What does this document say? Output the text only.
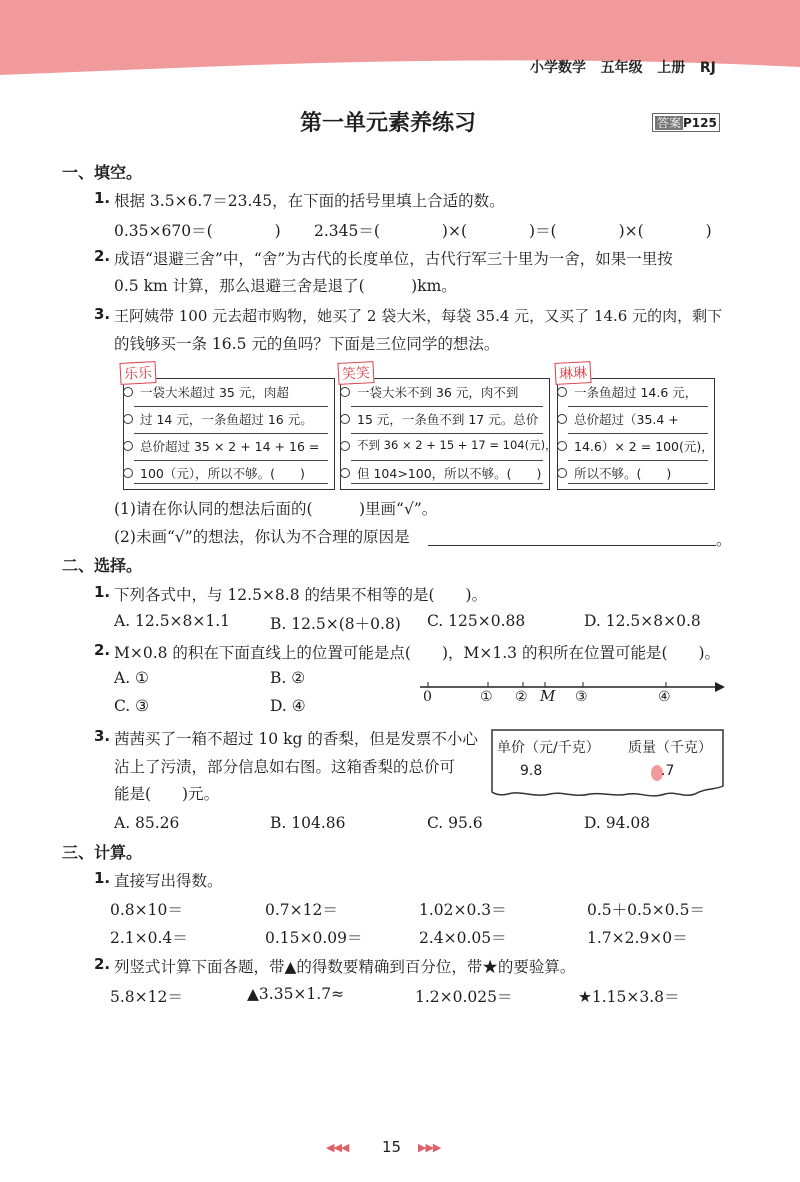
小学数学 五年级 上册 RJ
第一单元素养练习	答案 P125
一、填空。
1. 根据 3.5×6.7＝23.45，在下面的括号里填上合适的数。
0.35×670＝(　　　　) 2.345＝(　　　　)×(　　　　)＝(　　　　)×(　　　　)
2. 成语“退避三舍”中，“舍”为古代的长度单位，古代行军三十里为一舍，如果一里按
0.5 km 计算，那么退避三舍是退了(　　　)km。
3. 王阿姨带 100 元去超市购物，她买了 2 袋大米，每袋 35.4 元，又买了 14.6 元的肉，剩下
的钱够买一条 16.5 元的鱼吗？下面是三位同学的想法。
一袋大米超过 35 元，肉超
过 14 元，一条鱼超过 16 元。
总价超过 35 × 2 + 14 + 16 =
100（元），所以不够。(　　)
乐乐
一袋大米不到 36 元，肉不到
15 元，一条鱼不到 17 元。总价
不到 36 × 2 + 15 + 17 = 104(元)，
但 104>100，所以不够。(　　)
笑笑
一条鱼超过 14.6 元，
总价超过（35.4 +
14.6）× 2 = 100(元)，
所以不够。(　　)
琳琳
(1)请在你认同的想法后面的(　　　)里画“√”。
(2)未画“√”的想法，你认为不合理的原因是	。
二、选择。
1. 下列各式中，与 12.5×8.8 的结果不相等的是(　　)。
A. 12.5×8×1.1	B. 12.5×(8＋0.8) C. 125×0.88	D. 12.5×8×0.8
2. M×0.8 的积在下面直线上的位置可能是点(　　)，M×1.3 的积所在位置可能是(　　)。
A. ①	B. ②
C. ③	D. ④	0	① ② M ③	④
3. 茜茜买了一箱不超过 10 kg 的香梨，但是发票不小心
沾上了污渍，部分信息如右图。这箱香梨的总价可
能是(　　)元。
单价（元/千克） 质量（千克）
9.8	.7
A. 85.26	B. 104.86	C. 95.6	D. 94.08
三、计算。
1. 直接写出得数。
0.8×10＝	0.7×12＝	1.02×0.3＝	0.5＋0.5×0.5＝
2.1×0.4＝	0.15×0.09＝	2.4×0.05＝	1.7×2.9×0＝
2. 列竖式计算下面各题，带▲的得数要精确到百分位，带★的要验算。
5.8×12＝	▲3.35×1.7≈	1.2×0.025＝	★1.15×3.8＝
◀◀◀ 15 ▶▶▶
